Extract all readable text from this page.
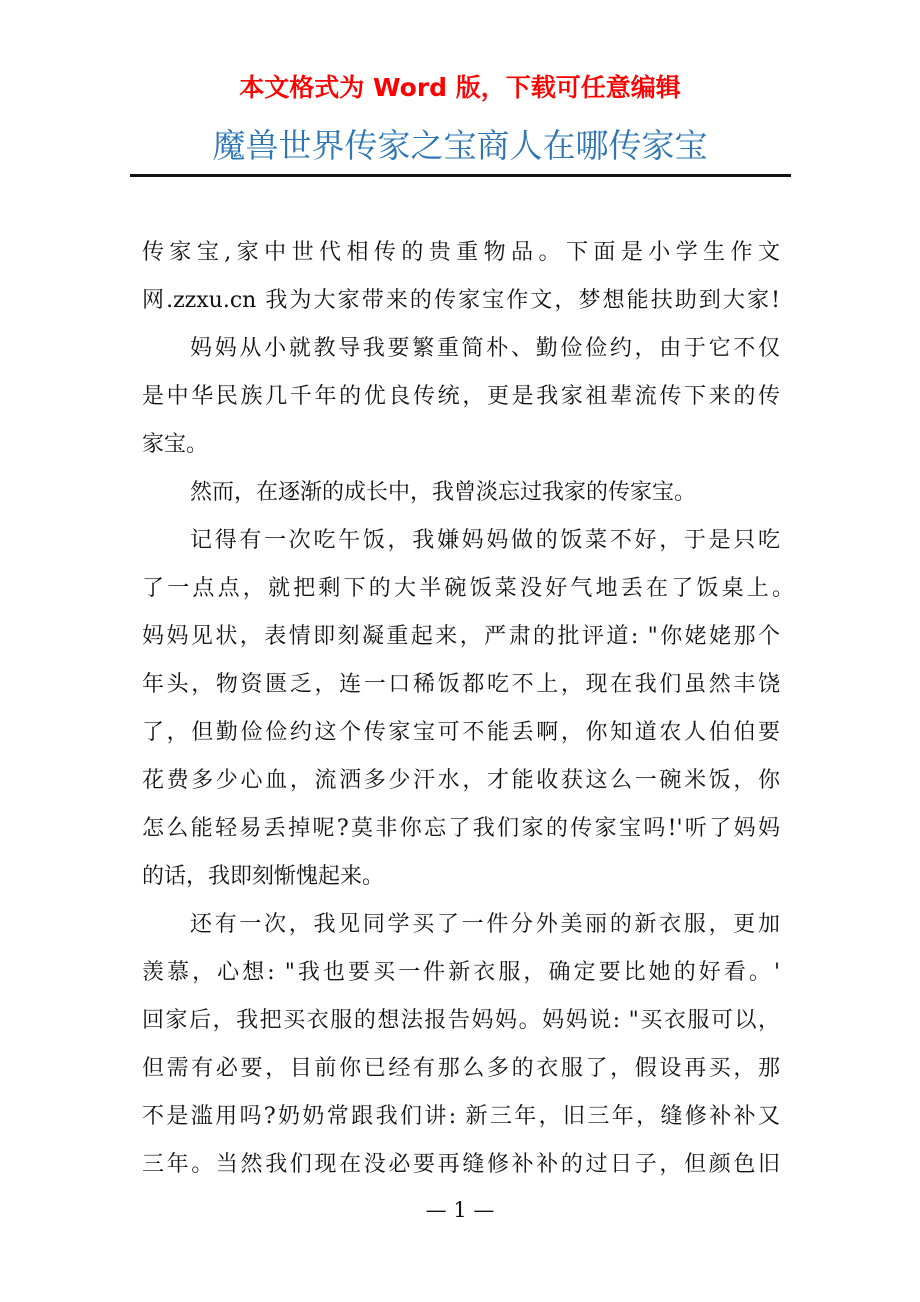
本文格式为 Word 版，下载可任意编辑
魔兽世界传家之宝商人在哪传家宝
传家宝,家中世代相传的贵重物品。下面是小学生作文
网.zzxu.cn 我为大家带来的传家宝作文，梦想能扶助到大家!
妈妈从小就教导我要繁重简朴、勤俭俭约，由于它不仅
是中华民族几千年的优良传统，更是我家祖辈流传下来的传
家宝。
然而，在逐渐的成长中，我曾淡忘过我家的传家宝。
记得有一次吃午饭，我嫌妈妈做的饭菜不好，于是只吃
了一点点，就把剩下的大半碗饭菜没好气地丢在了饭桌上。
妈妈见状，表情即刻凝重起来，严肃的批评道: "你姥姥那个
年头，物资匮乏，连一口稀饭都吃不上，现在我们虽然丰饶
了，但勤俭俭约这个传家宝可不能丢啊，你知道农人伯伯要
花费多少心血，流洒多少汗水，才能收获这么一碗米饭，你
怎么能轻易丢掉呢?莫非你忘了我们家的传家宝吗!'听了妈妈
的话，我即刻惭愧起来。
还有一次，我见同学买了一件分外美丽的新衣服，更加
羡慕，心想: "我也要买一件新衣服，确定要比她的好看。'
回家后，我把买衣服的想法报告妈妈。妈妈说: "买衣服可以，
但需有必要，目前你已经有那么多的衣服了，假设再买，那
不是滥用吗?奶奶常跟我们讲: 新三年，旧三年，缝修补补又
三年。当然我们现在没必要再缝修补补的过日子，但颜色旧
— 1 —
